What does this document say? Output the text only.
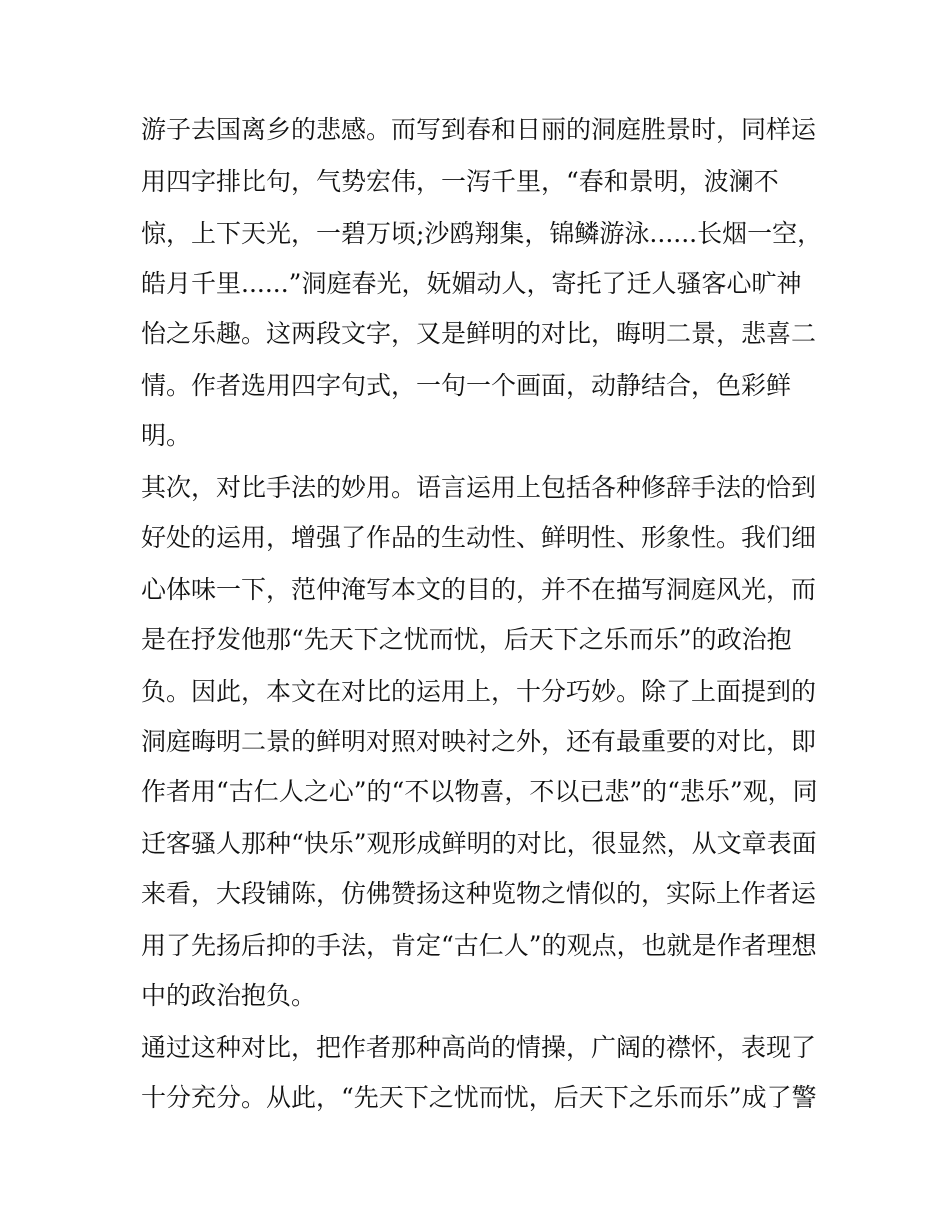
游子去国离乡的悲感。而写到春和日丽的洞庭胜景时，同样运
用四字排比句，气势宏伟，一泻千里，“春和景明，波澜不
惊，上下天光，一碧万顷;沙鸥翔集，锦鳞游泳......长烟一空，
皓月千里......”洞庭春光，妩媚动人，寄托了迁人骚客心旷神
怡之乐趣。这两段文字，又是鲜明的对比，晦明二景，悲喜二
情。作者选用四字句式，一句一个画面，动静结合，色彩鲜
明。
其次，对比手法的妙用。语言运用上包括各种修辞手法的恰到
好处的运用，增强了作品的生动性、鲜明性、形象性。我们细
心体味一下，范仲淹写本文的目的，并不在描写洞庭风光，而
是在抒发他那“先天下之忧而忧，后天下之乐而乐”的政治抱
负。因此，本文在对比的运用上，十分巧妙。除了上面提到的
洞庭晦明二景的鲜明对照对映衬之外，还有最重要的对比，即
作者用“古仁人之心”的“不以物喜，不以已悲”的“悲乐”观，同
迁客骚人那种“快乐”观形成鲜明的对比，很显然，从文章表面
来看，大段铺陈，仿佛赞扬这种览物之情似的，实际上作者运
用了先扬后抑的手法，肯定“古仁人”的观点，也就是作者理想
中的政治抱负。
通过这种对比，把作者那种高尚的情操，广阔的襟怀，表现了
十分充分。从此，“先天下之忧而忧，后天下之乐而乐”成了警
